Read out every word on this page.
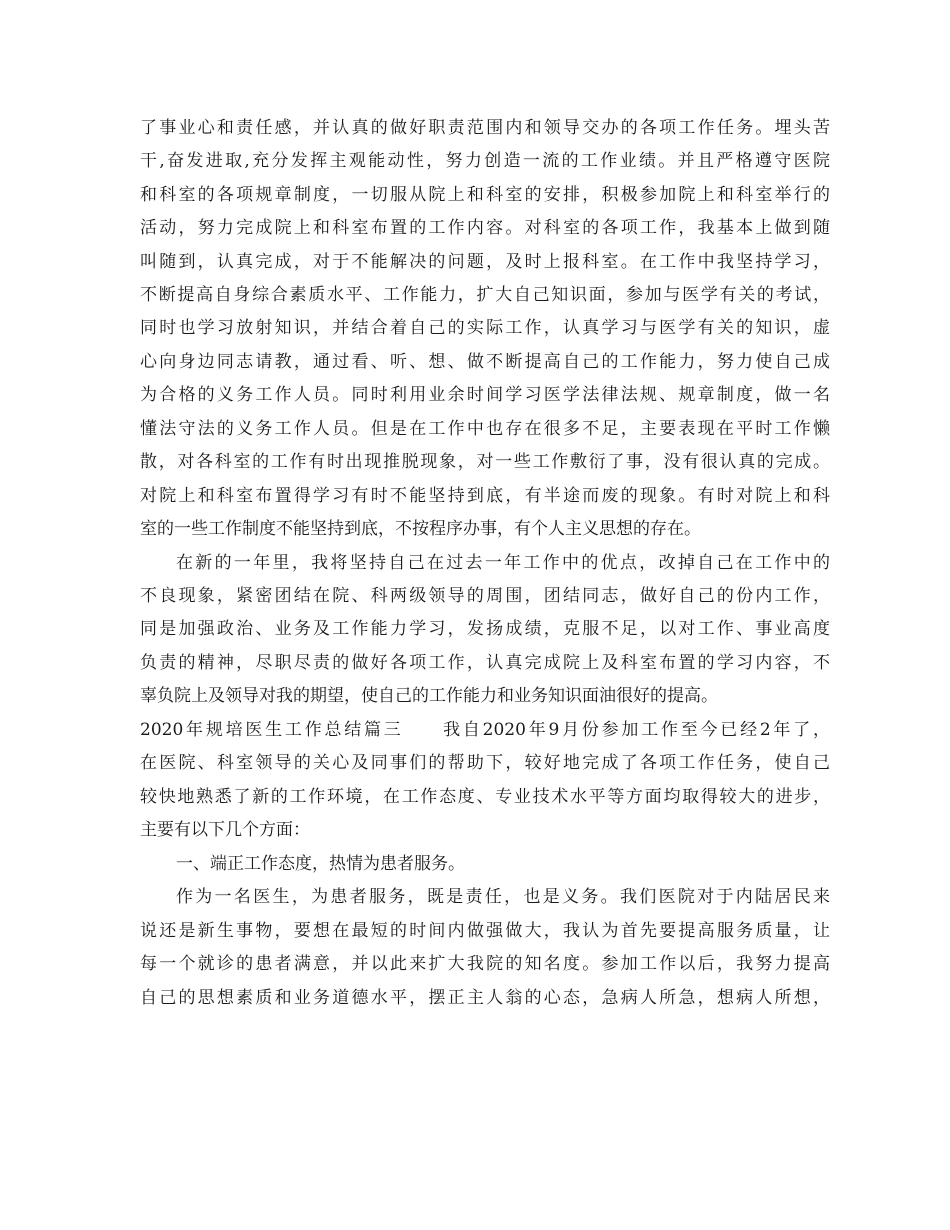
了事业心和责任感，并认真的做好职责范围内和领导交办的各项工作任务。埋头苦
干,奋发进取,充分发挥主观能动性，努力创造一流的工作业绩。并且严格遵守医院
和科室的各项规章制度，一切服从院上和科室的安排，积极参加院上和科室举行的
活动，努力完成院上和科室布置的工作内容。对科室的各项工作，我基本上做到随
叫随到，认真完成，对于不能解决的问题，及时上报科室。在工作中我坚持学习，
不断提高自身综合素质水平、工作能力，扩大自己知识面，参加与医学有关的考试，
同时也学习放射知识，并结合着自己的实际工作，认真学习与医学有关的知识，虚
心向身边同志请教，通过看、听、想、做不断提高自己的工作能力，努力使自己成
为合格的义务工作人员。同时利用业余时间学习医学法律法规、规章制度，做一名
懂法守法的义务工作人员。但是在工作中也存在很多不足，主要表现在平时工作懒
散，对各科室的工作有时出现推脱现象，对一些工作敷衍了事，没有很认真的完成。
对院上和科室布置得学习有时不能坚持到底，有半途而废的现象。有时对院上和科
室的一些工作制度不能坚持到底，不按程序办事，有个人主义思想的存在。
在新的一年里，我将坚持自己在过去一年工作中的优点，改掉自己在工作中的
不良现象，紧密团结在院、科两级领导的周围，团结同志，做好自己的份内工作，
同是加强政治、业务及工作能力学习，发扬成绩，克服不足，以对工作、事业高度
负责的精神，尽职尽责的做好各项工作，认真完成院上及科室布置的学习内容，不
辜负院上及领导对我的期望，使自己的工作能力和业务知识面油很好的提高。
2020年规培医生工作总结篇三　　我自2020年9月份参加工作至今已经2年了，
在医院、科室领导的关心及同事们的帮助下，较好地完成了各项工作任务，使自己
较快地熟悉了新的工作环境，在工作态度、专业技术水平等方面均取得较大的进步，
主要有以下几个方面：
一、端正工作态度，热情为患者服务。
作为一名医生，为患者服务，既是责任，也是义务。我们医院对于内陆居民来
说还是新生事物，要想在最短的时间内做强做大，我认为首先要提高服务质量，让
每一个就诊的患者满意，并以此来扩大我院的知名度。参加工作以后，我努力提高
自己的思想素质和业务道德水平，摆正主人翁的心态，急病人所急，想病人所想，
